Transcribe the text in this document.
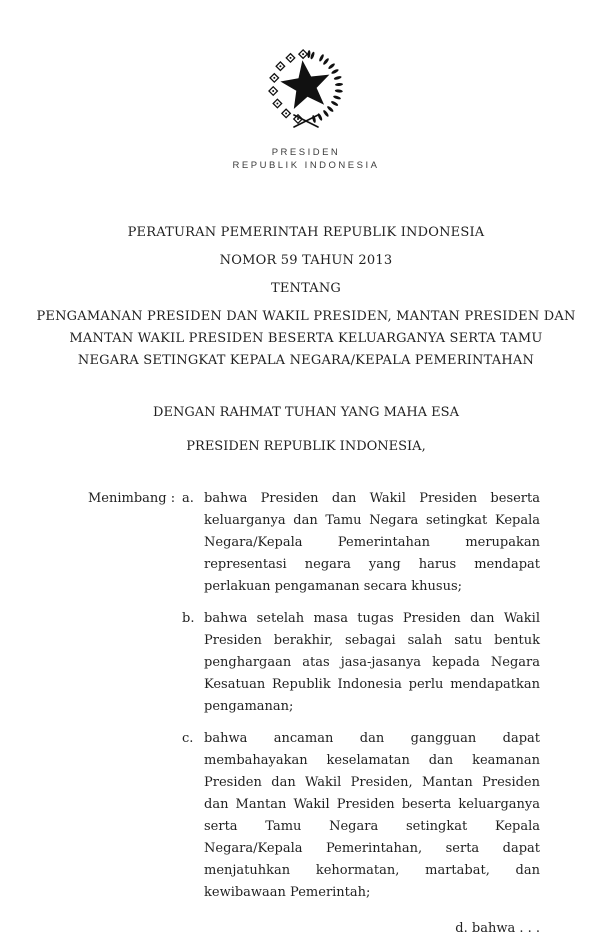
PRESIDEN
REPUBLIK INDONESIA
PERATURAN PEMERINTAH REPUBLIK INDONESIA
NOMOR 59 TAHUN 2013
TENTANG
PENGAMANAN PRESIDEN DAN WAKIL PRESIDEN, MANTAN PRESIDEN DAN
MANTAN WAKIL PRESIDEN BESERTA KELUARGANYA SERTA TAMU
NEGARA SETINGKAT KEPALA NEGARA/KEPALA PEMERINTAHAN
DENGAN RAHMAT TUHAN YANG MAHA ESA
PRESIDEN REPUBLIK INDONESIA,
Menimbang : a. bahwa Presiden dan Wakil Presiden beserta keluarganya dan Tamu Negara setingkat Kepala Negara/Kepala Pemerintahan merupakan representasi negara yang harus mendapat perlakuan pengamanan secara khusus;
b. bahwa setelah masa tugas Presiden dan Wakil Presiden berakhir, sebagai salah satu bentuk penghargaan atas jasa-jasanya kepada Negara Kesatuan Republik Indonesia perlu mendapatkan pengamanan;
c. bahwa ancaman dan gangguan dapat membahayakan keselamatan dan keamanan Presiden dan Wakil Presiden, Mantan Presiden dan Mantan Wakil Presiden beserta keluarganya serta Tamu Negara setingkat Kepala Negara/Kepala Pemerintahan, serta dapat menjatuhkan kehormatan, martabat, dan kewibawaan Pemerintah;
d. bahwa . . .
